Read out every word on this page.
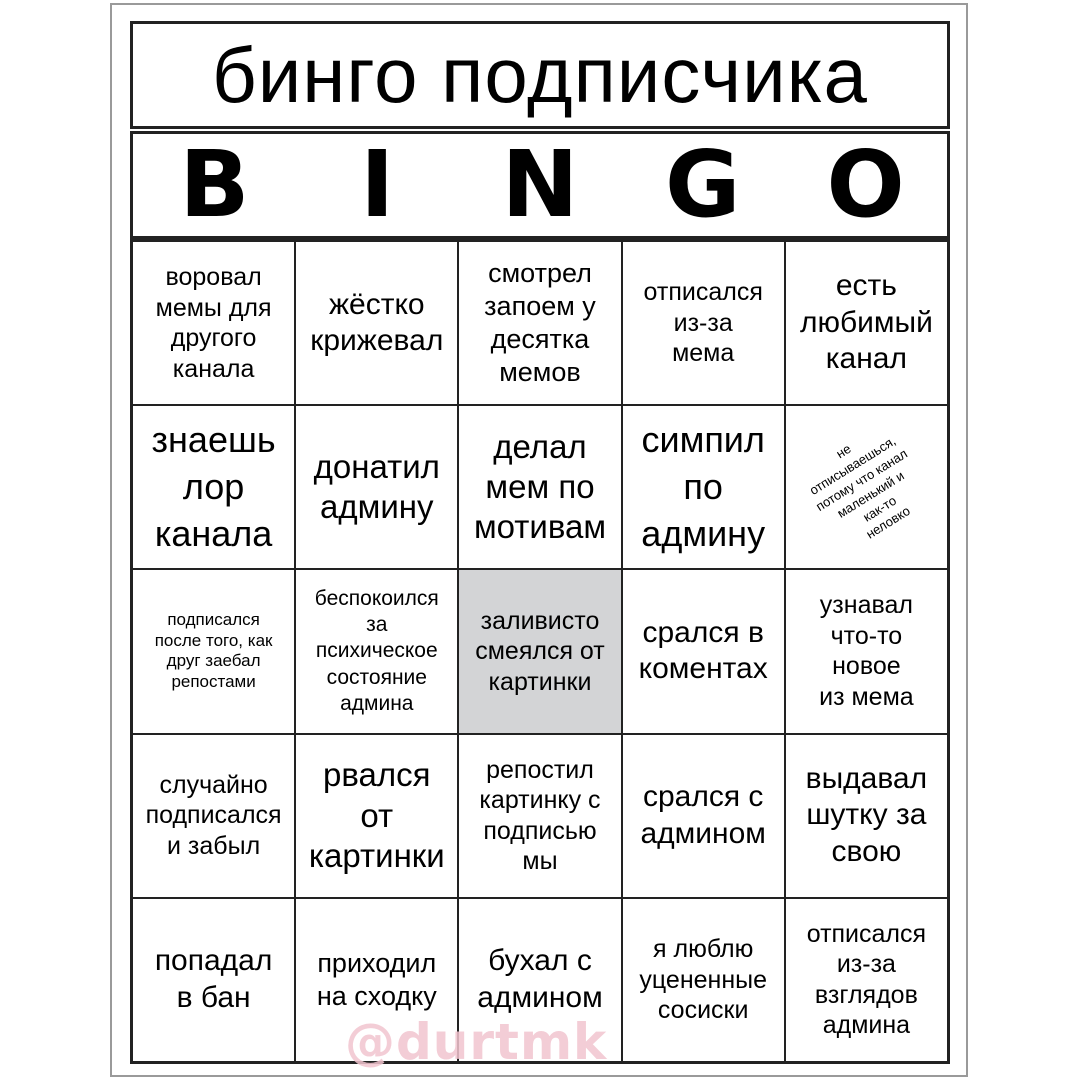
бинго подписчика
B I N G O
воровал
мемы для
другого
канала
жёстко
крижевал
смотрел
запоем у
десятка
мемов
отписался
из-за
мема
есть
любимый
канал
знаешь
лор
канала
донатил
админу
делал
мем по
мотивам
симпил
по
админу
не
отписываешься,
потому что канал
маленький и
как-то
неловко
подписался
после того, как
друг заебал
репостами
беспокоился
за
психическое
состояние
админа
заливисто
смеялся от
картинки
срался в
коментах
узнавал
что-то
новое
из мема
случайно
подписался
и забыл
рвался
от
картинки
репостил
картинку с
подписью
мы
срался с
админом
выдавал
шутку за
свою
попадал
в бан
приходил
на сходку
бухал с
админом
я люблю
уцененные
сосиски
отписался
из-за
взглядов
админа
@durtmk
